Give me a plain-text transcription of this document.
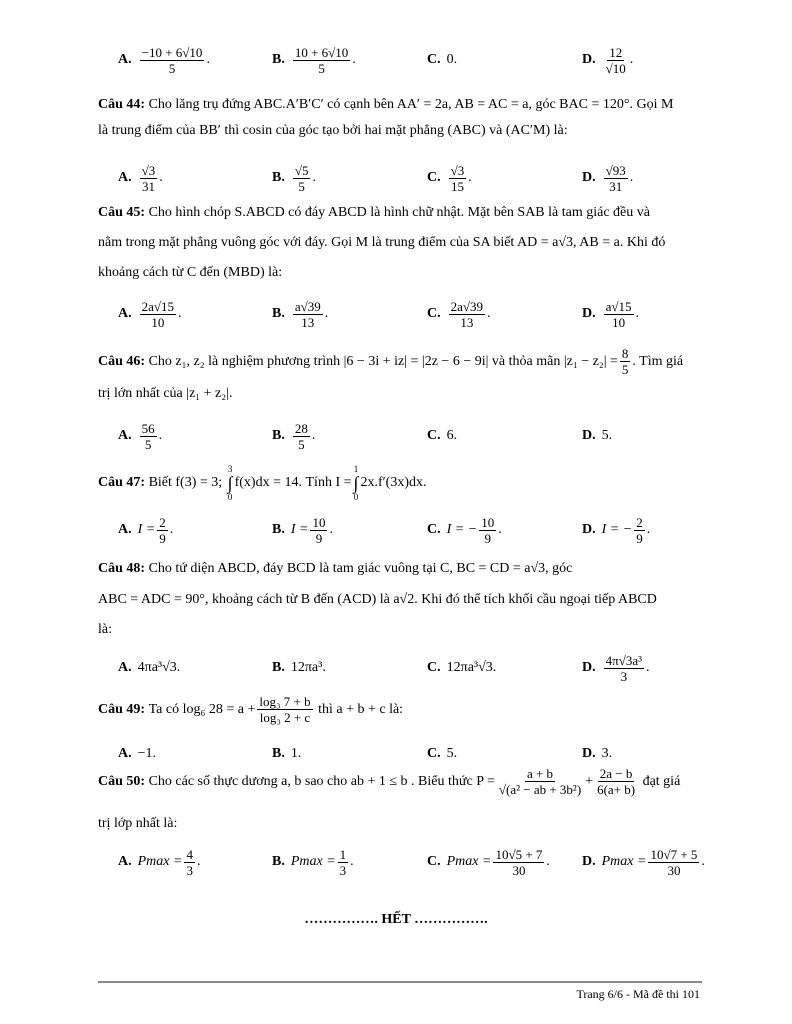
A. $\frac{-10 + 6√10}{5}$ .	B. $\frac{10 + 6√10}{5}$ .	C. 0.	D. $\frac{12}{√10}$ .
Câu 44: Cho lăng trụ đứng ABC.A′B′C′ có cạnh bên AA′ = 2a, AB = AC = a, góc BAC = 120°. Gọi M
là trung điểm của BB′ thì cosin của góc tạo bởi hai mặt phẳng (ABC) và (AC′M) là:
A. $\frac{√3}{31}$ .	B. $\frac{√5}{5}$ .	C. $\frac{√3}{15}$ .	D. $\frac{√93}{31}$ .
Câu 45: Cho hình chóp S.ABCD có đáy ABCD là hình chữ nhật. Mặt bên SAB là tam giác đều và
nằm trong mặt phẳng vuông góc với đáy. Gọi M là trung điểm của SA biết AD = a√3, AB = a. Khi đó
khoảng cách từ C đến (MBD) là:
A. $\frac{2a√15}{10}$ .	B. $\frac{a√39}{13}$ .	C. $\frac{2a√39}{13}$ .	D. $\frac{a√15}{10}$ .
Câu 46:
Cho z₁, z₂ là nghiệm phương trình |6 − 3i + iz| = |2z − 6 − 9i| và thỏa mãn $|z_1 - z_2| = \frac{8}{5}$ . Tìm giá
trị lớn nhất của |z₁ + z₂|.
A. $\frac{56}{5}$ .	B. $\frac{28}{5}$ .	C. 6.	D. 5.
Câu 47:
Biết f(3) = 3;

3
∫
0
f(x)dx = 14.
Tính
I =
1
∫
0
2x.f′(3x)dx.
A. $I = \frac{2}{9}$ .	B. $I = \frac{10}{9}$ .	C. I = − $\frac{10}{9}$ .	D. I = − $\frac{2}{9}$ .
Câu 48: Cho tứ diện ABCD, đáy BCD là tam giác vuông tại C, BC = CD = a√3, góc
ABC = ADC = 90°, khoảng cách từ B đến (ACD) là a√2. Khi đó thể tích khối cầu ngoại tiếp ABCD
là:
A. 4πa³√3.	B. 12πa³.	C. 12πa³√3.	D. $\frac{\text{4π√3a³}}{3}$ .
Câu 49:
Ta có log₆ $28 = a + \frac{\text{log₃ 7 + b}}{\text{log₃ 2 + c}}$
thì a + b + c là:
A. −1.	B. 1.	C. 5.	D. 3.
Câu 50:
Cho các số thực dương a, b sao cho ab + 1 ≤ b . Biểu thức $P = \frac{a + b}{\text{√(a² − ab + 3b²)}} + \frac{2a - b}{6(a+ b)}$
đạt giá
trị lớp nhất là:
A. $Pmax = \frac{4}{3}$ .	B. $Pmax = \frac{1}{3}$ .	C. $Pmax = \frac{10√5 + 7}{30}$ . D. $Pmax = \frac{10√7 + 5}{30}$ .
……………. HẾT …………….
Trang 6/6 - Mã đề thi 101
